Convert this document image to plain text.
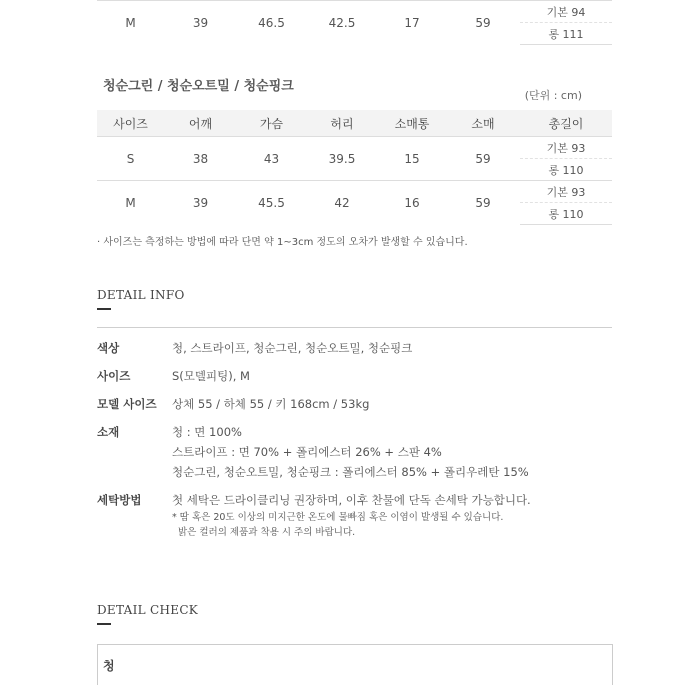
M	39	46.5	42.5	17	59	기본 94
롱 111
청순그린 / 청순오트밀 / 청순핑크
(단위 : cm)
사이즈	어깨	가슴	허리	소매통	소매	총길이
S	38	43	39.5	15	59	기본 93
						롱 110
M	39	45.5	42	16	59	기본 93
						롱 110
· 사이즈는 측정하는 방법에 따라 단면 약 1~3cm 정도의 오차가 발생할 수 있습니다.
DETAIL INFO
색상	청, 스트라이프, 청순그린, 청순오트밀, 청순핑크
사이즈	S(모델피팅), M
모델 사이즈	상체 55 / 하체 55 / 키 168cm / 53kg
소재	청 : 면 100%
스트라이프 : 면 70% + 폴리에스터 26% + 스판 4%
청순그린, 청순오트밀, 청순핑크 : 폴리에스터 85% + 폴리우레탄 15%
세탁방법	첫 세탁은 드라이클리닝 권장하며, 이후 찬물에 단독 손세탁 가능합니다.
* 땀 혹은 20도 이상의 미지근한 온도에 물빠짐 혹은 이염이 발생될 수 있습니다.
밝은 컬러의 제품과 착용 시 주의 바랍니다.
DETAIL CHECK
청
